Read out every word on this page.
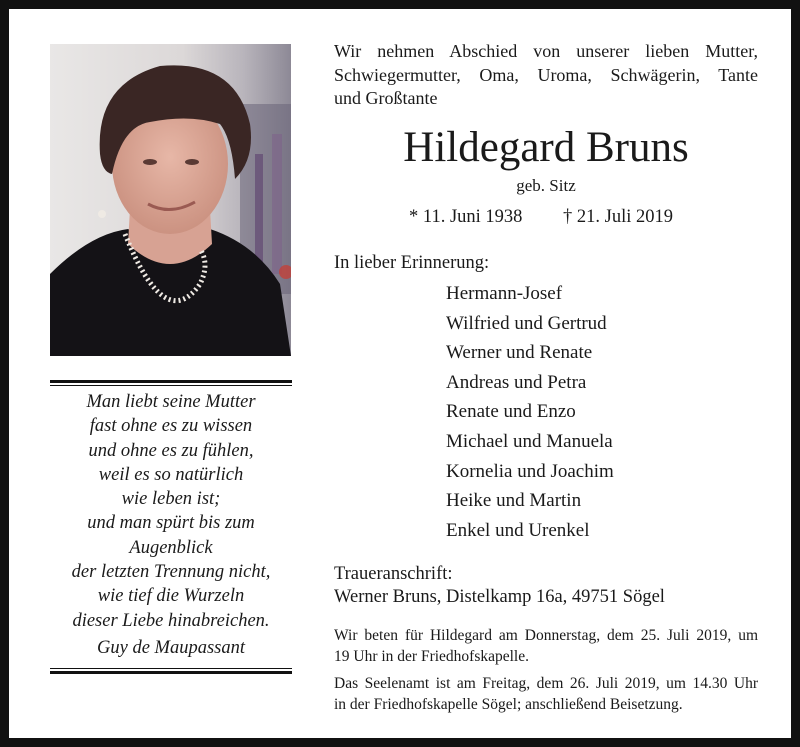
Man liebt seine Mutter
fast ohne es zu wissen
und ohne es zu fühlen,
weil es so natürlich
wie leben ist;
und man spürt bis zum
Augenblick
der letzten Trennung nicht,
wie tief die Wurzeln
dieser Liebe hinabreichen.
Guy de Maupassant
Wir nehmen Abschied von unserer lieben Mutter,
Schwiegermutter, Oma, Uroma, Schwägerin, Tante
und Großtante
Hildegard Bruns
geb. Sitz
* 11. Juni 1938 † 21. Juli 2019
In lieber Erinnerung:
Hermann-Josef
Wilfried und Gertrud
Werner und Renate
Andreas und Petra
Renate und Enzo
Michael und Manuela
Kornelia und Joachim
Heike und Martin
Enkel und Urenkel
Traueranschrift:
Werner Bruns, Distelkamp 16a, 49751 Sögel
Wir beten für Hildegard am Donnerstag, dem 25. Juli 2019, um
19 Uhr in der Friedhofskapelle.
Das Seelenamt ist am Freitag, dem 26. Juli 2019, um 14.30 Uhr
in der Friedhofskapelle Sögel; anschließend Beisetzung.
